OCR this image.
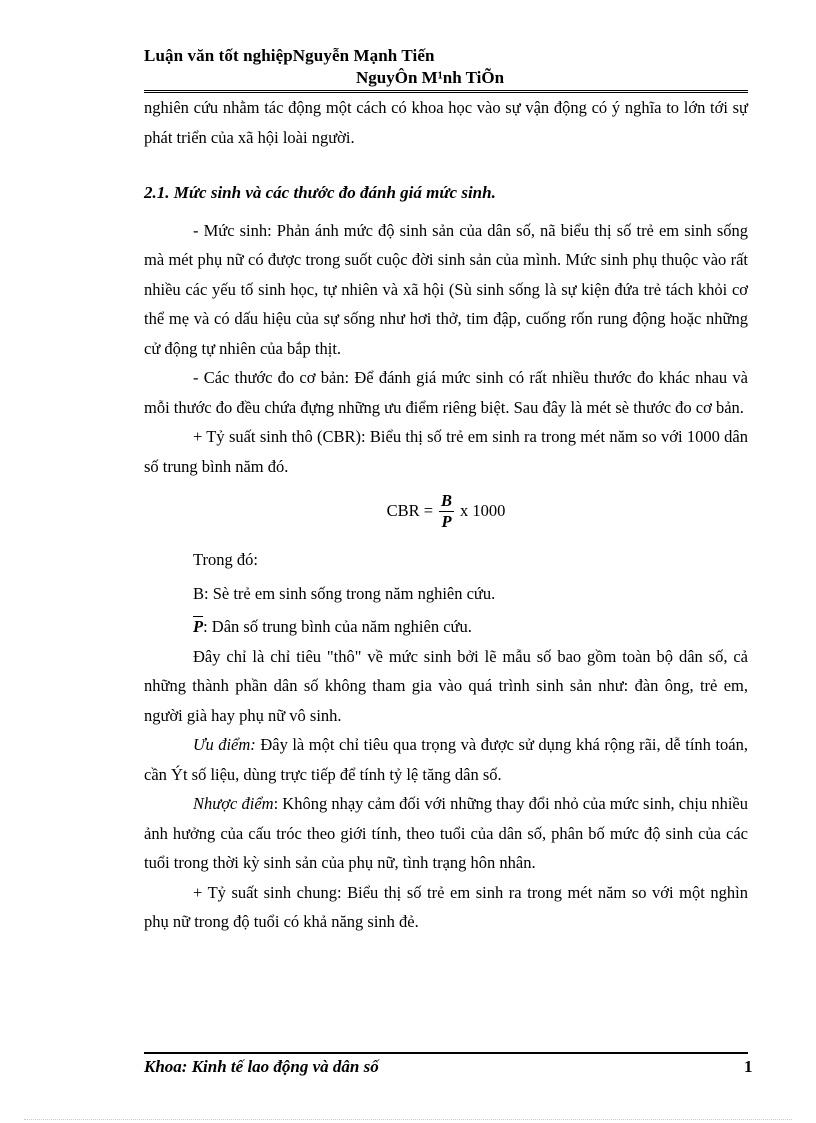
Luận văn tốt nghiệpNguyễn Mạnh Tiến
NguyÔn M¹nh TiÕn

nghiên cứu nhằm tác động một cách có khoa học vào sự vận động có ý nghĩa to lớn tới sự phát triển của xã hội loài người.

2.1. Mức sinh và các thước đo đánh giá mức sinh.

- Mức sinh: Phản ánh mức độ sinh sản của dân số, nã biểu thị số trẻ em sinh sống mà mét phụ nữ có được trong suốt cuộc đời sinh sản của mình. Mức sinh phụ thuộc vào rất nhiều các yếu tố sinh học, tự nhiên và xã hội (Sù sinh sống là sự kiện đứa trẻ tách khỏi cơ thể mẹ và có dấu hiệu của sự sống như hơi thở, tim đập, cuống rốn rung động hoặc những cử động tự nhiên của bắp thịt.

- Các thước đo cơ bản: Để đánh giá mức sinh có rất nhiều thước đo khác nhau và mỗi thước đo đều chứa đựng những ưu điểm riêng biệt. Sau đây là mét sè thước đo cơ bản.

+ Tỷ suất sinh thô (CBR): Biểu thị số trẻ em sinh ra trong mét năm so với 1000 dân số trung bình năm đó.

CBR = $\frac{B}{P}$ x 1000

Trong đó:

B: Sè trẻ em sinh sống trong năm nghiên cứu.

$\overline{P}$: Dân số trung bình của năm nghiên cứu.

Đây chỉ là chỉ tiêu "thô" về mức sinh bởi lẽ mẫu số bao gồm toàn bộ dân số, cả những thành phần dân số không tham gia vào quá trình sinh sản như: đàn ông, trẻ em, người già hay phụ nữ vô sinh.

Ưu điểm: Đây là một chỉ tiêu qua trọng và được sử dụng khá rộng rãi, dễ tính toán, cần Ýt số liệu, dùng trực tiếp để tính tỷ lệ tăng dân số.

Nhược điểm: Không nhạy cảm đối với những thay đổi nhỏ của mức sinh, chịu nhiều ảnh hưởng của cấu tróc theo giới tính, theo tuổi của dân số, phân bố mức độ sinh của các tuổi trong thời kỳ sinh sản của phụ nữ, tình trạng hôn nhân.

+ Tỷ suất sinh chung: Biểu thị số trẻ em sinh ra trong mét năm so với một nghìn phụ nữ trong độ tuổi có khả năng sinh đẻ.

Khoa: Kinh tế lao động và dân số	1
